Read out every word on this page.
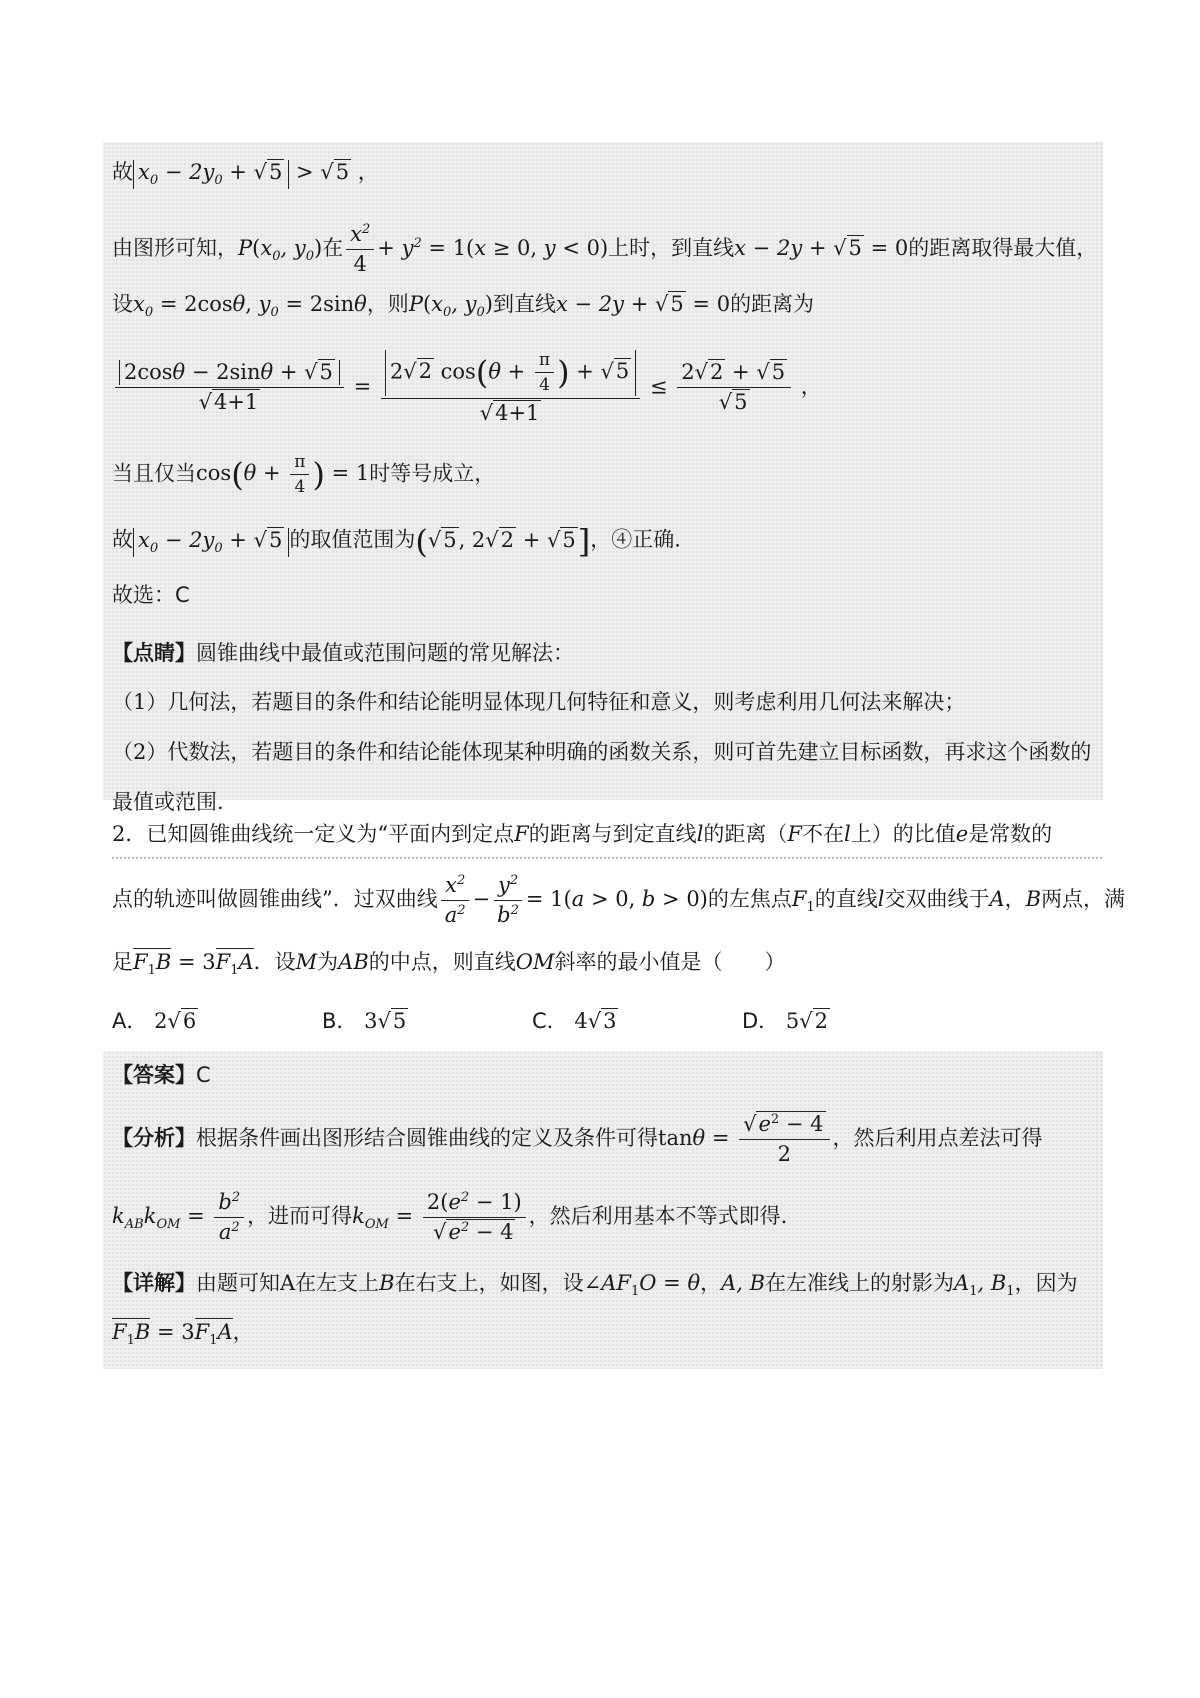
故 $x_0 - 2y_0 + √5 > √5$ ，
由图形可知，$P(x_0$, $y_0$)在 $\frac{x^2}{4} + y^2 = 1(x \ge 0$, y < 0)上时，到直线x − 2y + √5 = 0的距离取得最大值，
设$x_0 = 2\cos\theta$, $y_0 = 2\sin\theta$，则$P(x_0$, $y_0$)到直线x − 2y + √5 = 0的距离为
$\frac{2\cos\theta - 2\sin\theta + √5}{√4+1} = \frac{2√2 \cos(\theta + \frac{\pi}{4} ) + √5}{√4+1} \le \frac{2√2 + √5}{√5}$ ，
当且仅当$\cos(\theta + \frac{\pi}{4}$ ) = 1时等号成立，
故 $x_0 - 2y_0 + √5$ 的取值范围为(√5, 2√2 + √5]，④正确.
故选：C
【点睛】圆锥曲线中最值或范围问题的常见解法：
（1）几何法，若题目的条件和结论能明显体现几何特征和意义，则考虑利用几何法来解决；
（2）代数法，若题目的条件和结论能体现某种明确的函数关系，则可首先建立目标函数，再求这个函数的
最值或范围.
2．已知圆锥曲线统一定义为“平面内到定点F的距离与到定直线l的距离（F不在l上）的比值e是常数的
点的轨迹叫做圆锥曲线”．过双曲线 $\frac{x^2}{a^2} - \frac{y^2}{b^2} = 1(a > 0$, b > 0)的左焦点$F_1$的直线l交双曲线于A，B两点，满
足$F_1B = 3F_1A$．设M为AB的中点，则直线OM斜率的最小值是（　　）
A． 2√6	B． 3√5	C． 4√3	D． 5√2
【答案】C
【分析】根据条件画出图形结合圆锥曲线的定义及条件可得$\tan\theta = \frac{√e^2 - 4}{2}$ ，然后利用点差法可得
$k_{AB}k_{OM} = \frac{b^2}{a^2}$ ，进而可得$k_{OM} = \frac{2(e^2 - 1)}{√e^2 - 4}$ ，然后利用基本不等式即得.
【详解】由题可知A在左支上B在右支上，如图，设$\angle AF_1O = \theta$，A, B在左准线上的射影为$A_1$, $B_1$，因为
$F_1B = 3F_1A$，
